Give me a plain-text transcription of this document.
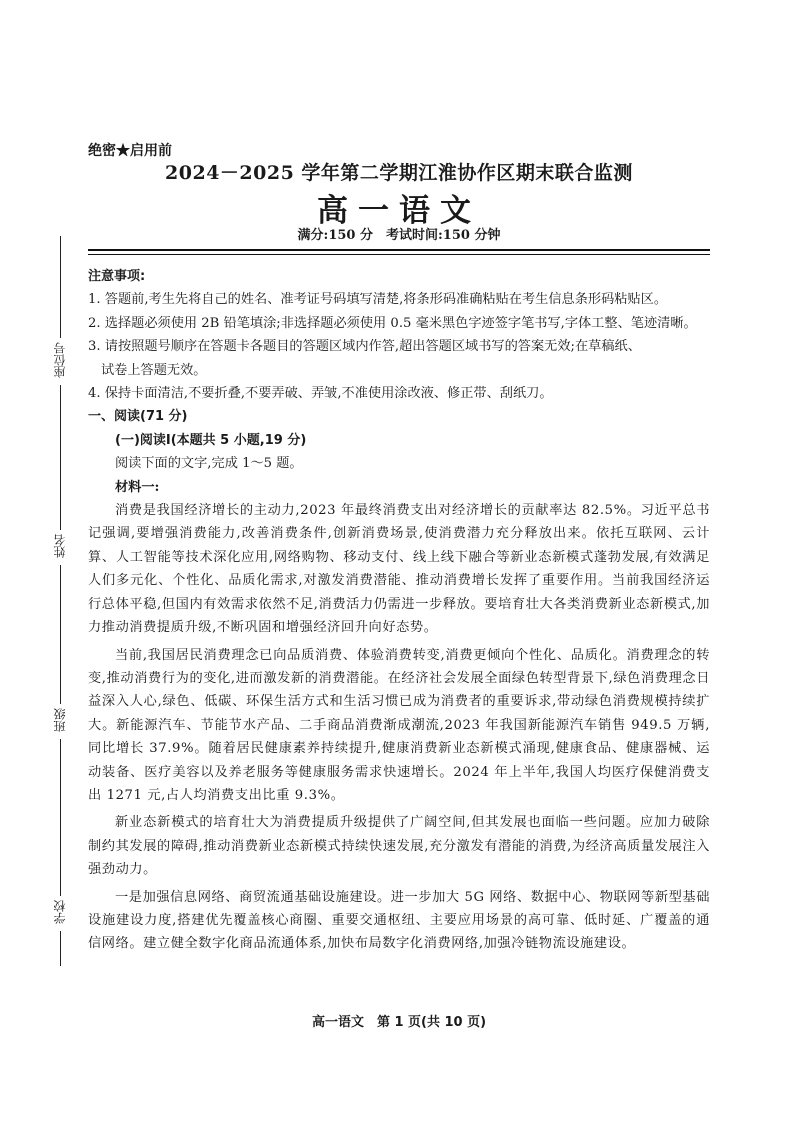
座位号
姓名
班级
学校
绝密★启用前
2024－2025 学年第二学期江淮协作区期末联合监测
高一语文
满分:150 分　考试时间:150 分钟
注意事项:
1. 答题前,考生先将自己的姓名、准考证号码填写清楚,将条形码准确粘贴在考生信息条形码粘贴区。
2. 选择题必须使用 2B 铅笔填涂;非选择题必须使用 0.5 毫米黑色字迹签字笔书写,字体工整、笔迹清晰。
3. 请按照题号顺序在答题卡各题目的答题区域内作答,超出答题区域书写的答案无效;在草稿纸、
试卷上答题无效。
4. 保持卡面清洁,不要折叠,不要弄破、弄皱,不准使用涂改液、修正带、刮纸刀。
一、阅读(71 分)
(一)阅读Ⅰ(本题共 5 小题,19 分)
阅读下面的文字,完成 1～5 题。
材料一:

消费是我国经济增长的主动力,2023 年最终消费支出对经济增长的贡献率达 82.5%。习近平总书记强调,要增强消费能力,改善消费条件,创新消费场景,使消费潜力充分释放出来。依托互联网、云计算、人工智能等技术深化应用,网络购物、移动支付、线上线下融合等新业态新模式蓬勃发展,有效满足人们多元化、个性化、品质化需求,对激发消费潜能、推动消费增长发挥了重要作用。当前我国经济运行总体平稳,但国内有效需求依然不足,消费活力仍需进一步释放。要培育壮大各类消费新业态新模式,加力推动消费提质升级,不断巩固和增强经济回升向好态势。

当前,我国居民消费理念已向品质消费、体验消费转变,消费更倾向个性化、品质化。消费理念的转变,推动消费行为的变化,进而激发新的消费潜能。在经济社会发展全面绿色转型背景下,绿色消费理念日益深入人心,绿色、低碳、环保生活方式和生活习惯已成为消费者的重要诉求,带动绿色消费规模持续扩大。新能源汽车、节能节水产品、二手商品消费渐成潮流,2023 年我国新能源汽车销售 949.5 万辆,同比增长 37.9%。随着居民健康素养持续提升,健康消费新业态新模式涌现,健康食品、健康器械、运动装备、医疗美容以及养老服务等健康服务需求快速增长。2024 年上半年,我国人均医疗保健消费支出 1271 元,占人均消费支出比重 9.3%。

新业态新模式的培育壮大为消费提质升级提供了广阔空间,但其发展也面临一些问题。应加力破除制约其发展的障碍,推动消费新业态新模式持续快速发展,充分激发有潜能的消费,为经济高质量发展注入强劲动力。

一是加强信息网络、商贸流通基础设施建设。进一步加大 5G 网络、数据中心、物联网等新型基础设施建设力度,搭建优先覆盖核心商圈、重要交通枢纽、主要应用场景的高可靠、低时延、广覆盖的通信网络。建立健全数字化商品流通体系,加快布局数字化消费网络,加强冷链物流设施建设。

高一语文　第 1 页(共 10 页)
